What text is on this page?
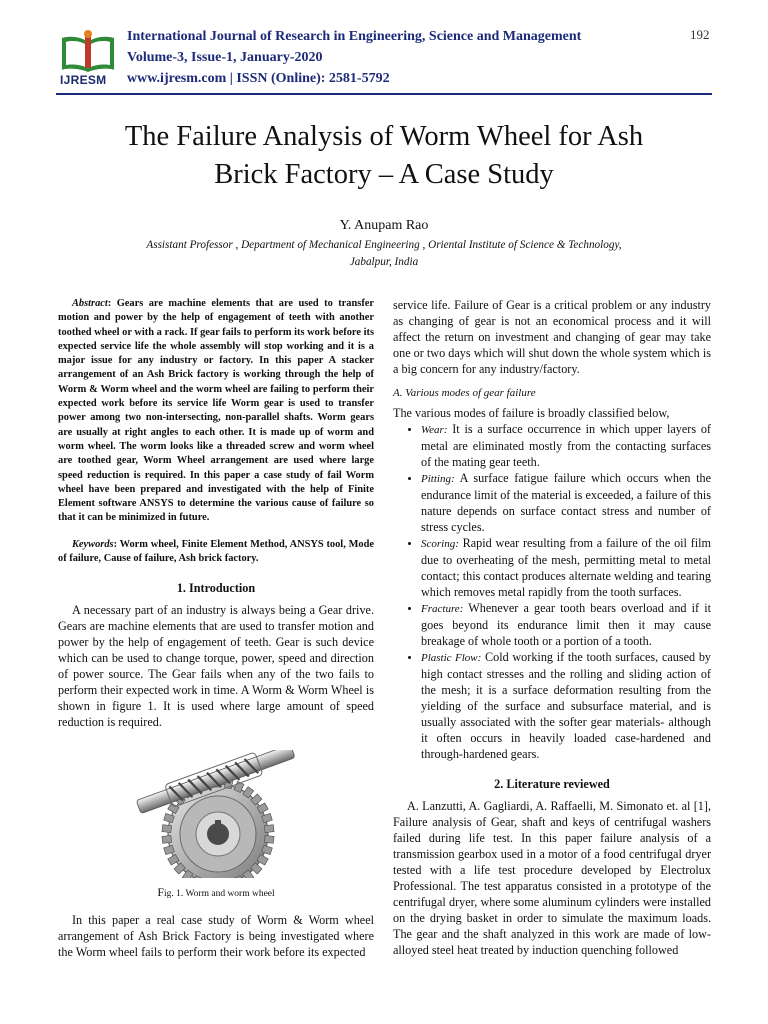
IJRESM
International Journal of Research in Engineering, Science and Management
Volume-3, Issue-1, January-2020
www.ijresm.com | ISSN (Online): 2581-5792
192
The Failure Analysis of Worm Wheel for Ash
Brick Factory – A Case Study
Y. Anupam Rao
Assistant Professor , Department of Mechanical Engineering , Oriental Institute of Science & Technology,
Jabalpur, India

Abstract: Gears are machine elements that are used to transfer motion and power by the help of engagement of teeth with another toothed wheel or with a rack. If gear fails to perform its work before its expected service life the whole assembly will stop working and it is a major issue for any industry or factory. In this paper A stacker arrangement of an Ash Brick factory is working through the help of Worm & Worm wheel and the worm wheel are failing to perform their expected work before its service life Worm gear is used to transfer power among two non-intersecting, non-parallel shafts. Worm gears are usually at right angles to each other. It is made up of worm and worm wheel. The worm looks like a threaded screw and worm wheel are toothed gear, Worm Wheel arrangement are used where large speed reduction is required. In this paper a case study of fail Worm wheel have been prepared and investigated with the help of Finite Element software ANSYS to determine the various cause of failure so that it can be minimized in future.

Keywords: Worm wheel, Finite Element Method, ANSYS tool, Mode of failure, Cause of failure, Ash brick factory.

1. Introduction

A necessary part of an industry is always being a Gear drive. Gears are machine elements that are used to transfer motion and power by the help of engagement of teeth. Gear is such device which can be used to change torque, power, speed and direction of power source. The Gear fails when any of the two fails to perform their expected work in time. A Worm & Worm Wheel is shown in figure 1. It is used where large amount of speed reduction is required.

Fig. 1. Worm and worm wheel

In this paper a real case study of Worm & Worm wheel arrangement of Ash Brick Factory is being investigated where the Worm wheel fails to perform their work before its expected

service life. Failure of Gear is a critical problem or any industry as changing of gear is not an economical process and it will affect the return on investment and changing of gear may take one or two days which will shut down the whole system which is a big concern for any industry/factory.

A. Various modes of gear failure

The various modes of failure is broadly classified below,

• Wear: It is a surface occurrence in which upper layers of metal are eliminated mostly from the contacting surfaces of the mating gear teeth.
• Pitting: A surface fatigue failure which occurs when the endurance limit of the material is exceeded, a failure of this nature depends on surface contact stress and number of stress cycles.
• Scoring: Rapid wear resulting from a failure of the oil film due to overheating of the mesh, permitting metal to metal contact; this contact produces alternate welding and tearing which removes metal rapidly from the tooth surfaces.
• Fracture: Whenever a gear tooth bears overload and if it goes beyond its endurance limit then it may cause breakage of whole tooth or a portion of a tooth.
• Plastic Flow: Cold working if the tooth surfaces, caused by high contact stresses and the rolling and sliding action of the mesh; it is a surface deformation resulting from the yielding of the surface and subsurface material, and is usually associated with the softer gear materials- although it often occurs in heavily loaded case-hardened and through-hardened gears.
2. Literature reviewed

A. Lanzutti, A. Gagliardi, A. Raffaelli, M. Simonato et. al [1], Failure analysis of Gear, shaft and keys of centrifugal washers failed during life test. In this paper failure analysis of a transmission gearbox used in a motor of a food centrifugal dryer tested with a life test procedure developed by Electrolux Professional. The test apparatus consisted in a prototype of the centrifugal dryer, where some aluminum cylinders were installed on the drying basket in order to simulate the maximum loads. The gear and the shaft analyzed in this work are made of low-alloyed steel heat treated by induction quenching followed
